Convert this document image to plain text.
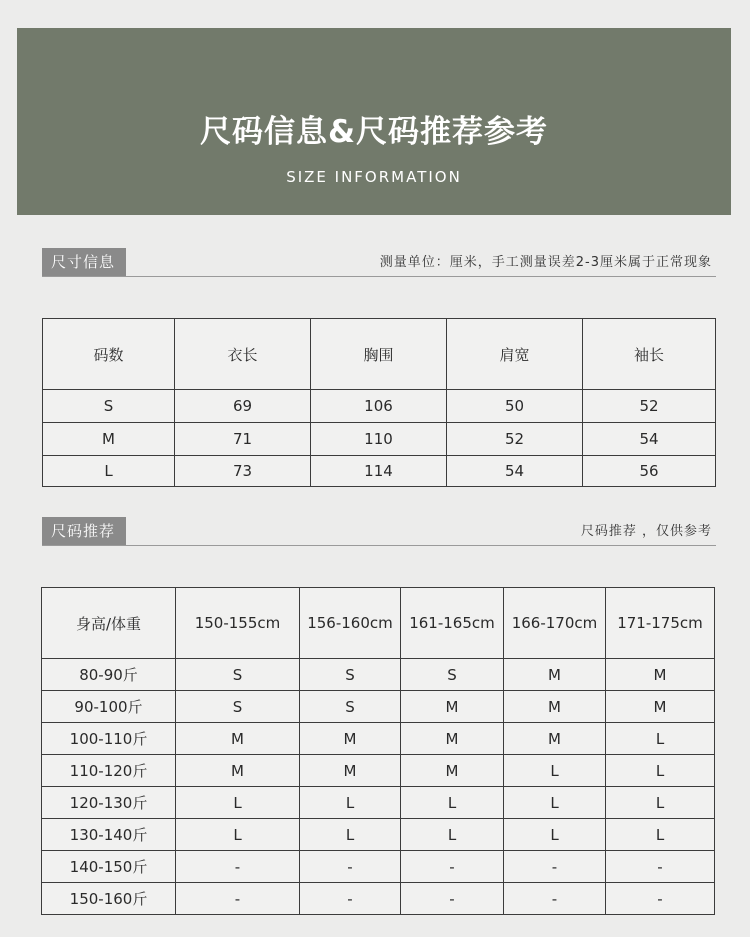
尺码信息&尺码推荐参考
SIZE INFORMATION
尺寸信息	测量单位：厘米，手工测量误差2-3厘米属于正常现象
码数	衣长	胸围	肩宽	袖长
S	69	106	50	52
M	71	110	52	54
L	73	114	54	56
尺码推荐	尺码推荐 ，仅供参考
身高/体重	150-155cm	156-160cm	161-165cm	166-170cm	171-175cm
80-90斤	S	S	S	M	M
90-100斤	S	S	M	M	M
100-110斤	M	M	M	M	L
110-120斤	M	M	M	L	L
120-130斤	L	L	L	L	L
130-140斤	L	L	L	L	L
140-150斤	-	-	-	-	-
150-160斤	-	-	-	-	-
